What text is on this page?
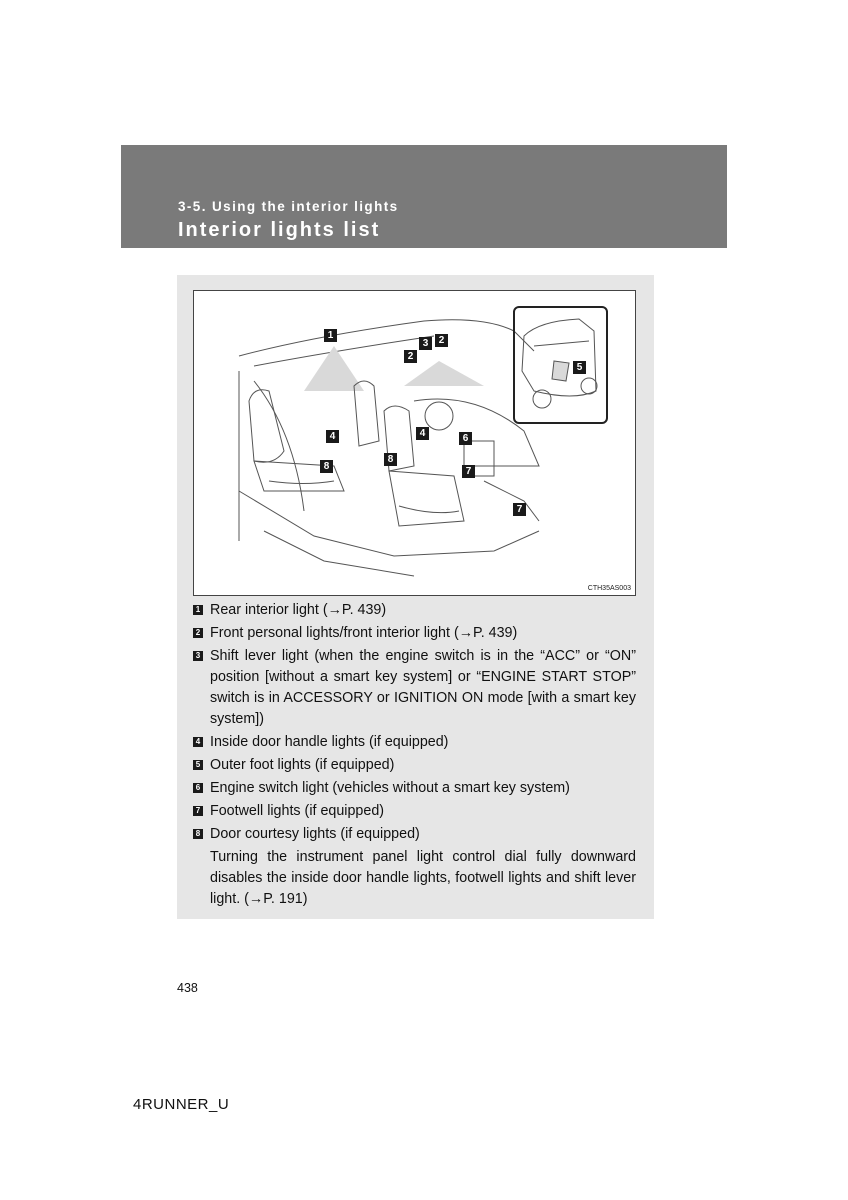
3-5. Using the interior lights
Interior lights list
1	2
3
2
4	4	6
5
8
8
7
7
CTH35AS003
1 Rear interior light (→P. 439)
2 Front personal lights/front interior light (→P. 439)
3 Shift lever light (when the engine switch is in the “ACC” or “ON” position [without a smart key system] or “ENGINE START STOP” switch is in ACCESSORY or IGNITION ON mode [with a smart key system])
4 Inside door handle lights (if equipped)
5 Outer foot lights (if equipped)
6 Engine switch light (vehicles without a smart key system)
7 Footwell lights (if equipped)
8 Door courtesy lights (if equipped)
Turning the instrument panel light control dial fully downward disables the inside door handle lights, footwell lights and shift lever light. (→P. 191)
438
4RUNNER_U
